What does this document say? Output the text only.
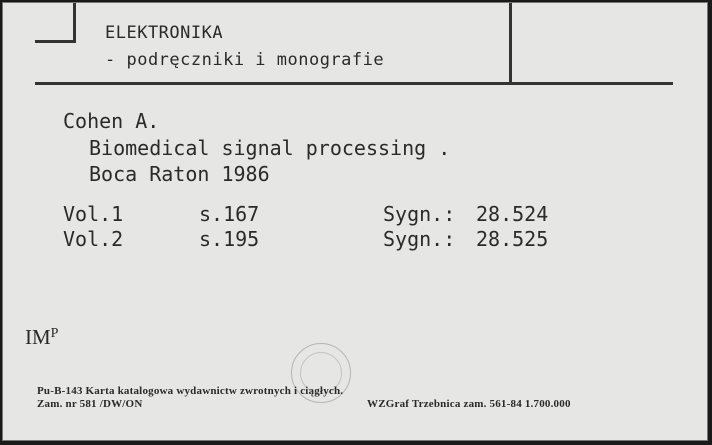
ELEKTRONIKA
- podręczniki i monografie
Cohen A.
Biomedical signal processing .
Boca Raton 1986
Vol.1	s.167	Sygn.: 28.524
Vol.2	s.195	Sygn.: 28.525
$IM^P$
Pu-B-143 Karta katalogowa wydawnictw zwrotnych i ciągłych.
Zam. nr 581 /DW/ON	WZGraf Trzebnica zam. 561-84 1.700.000
